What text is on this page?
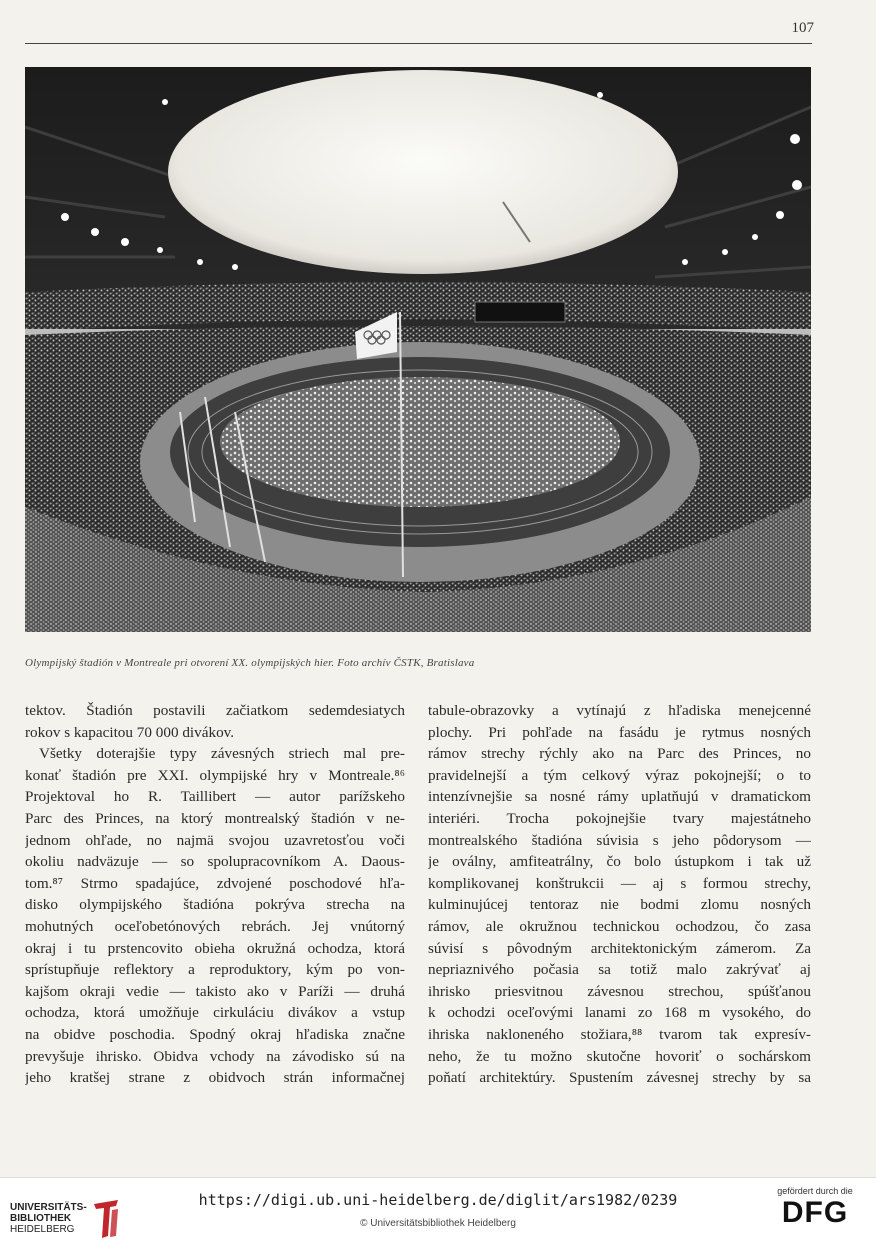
107
Olympijský štadión v Montreale pri otvorení XX. olympijských hier. Foto archív ČSTK, Bratislava
tektov. Štadión postavili začiatkom sedemdesiatych
rokov s kapacitou 70 000 divákov.
Všetky doterajšie typy závesných striech mal pre-
konať štadión pre XXI. olympijské hry v Montreale.⁸⁶
Projektoval ho R. Taillibert — autor parížskeho
Parc des Princes, na ktorý montrealský štadión v ne-
jednom ohľade, no najmä svojou uzavretosťou voči
okoliu nadväzuje — so spolupracovníkom A. Daous-
tom.⁸⁷ Strmo spadajúce, zdvojené poschodové hľa-
disko olympijského štadióna pokrýva strecha na
mohutných oceľobetónových rebrách. Jej vnútorný
okraj i tu prstencovito obieha okružná ochodza, ktorá
sprístupňuje reflektory a reproduktory, kým po von-
kajšom okraji vedie — takisto ako v Paríži — druhá
ochodza, ktorá umožňuje cirkuláciu divákov a vstup
na obidve poschodia. Spodný okraj hľadiska značne
prevyšuje ihrisko. Obidva vchody na závodisko sú na
jeho kratšej strane z obidvoch strán informačnej
tabule-obrazovky a vytínajú z hľadiska menejcenné
plochy. Pri pohľade na fasádu je rytmus nosných
rámov strechy rýchly ako na Parc des Princes, no
pravidelnejší a tým celkový výraz pokojnejší; o to
intenzívnejšie sa nosné rámy uplatňujú v dramatickom
interiéri. Trocha pokojnejšie tvary majestátneho
montrealského štadióna súvisia s jeho pôdorysom —
je oválny, amfiteatrálny, čo bolo ústupkom i tak už
komplikovanej konštrukcii — aj s formou strechy,
kulminujúcej tentoraz nie bodmi zlomu nosných
rámov, ale okružnou technickou ochodzou, čo zasa
súvisí s pôvodným architektonickým zámerom. Za
nepriaznivého počasia sa totiž malo zakrývať aj
ihrisko priesvitnou závesnou strechou, spúšťanou
k ochodzi oceľovými lanami zo 168 m vysokého, do
ihriska nakloneného stožiara,⁸⁸ tvarom tak expresív-
neho, že tu možno skutočne hovoriť o sochárskom
poňatí architektúry. Spustením závesnej strechy by sa
UNIVERSITÄTS-
BIBLIOTHEK
HEIDELBERG
https://digi.ub.uni-heidelberg.de/diglit/ars1982/0239
© Universitätsbibliothek Heidelberg
gefördert durch die
DFG
